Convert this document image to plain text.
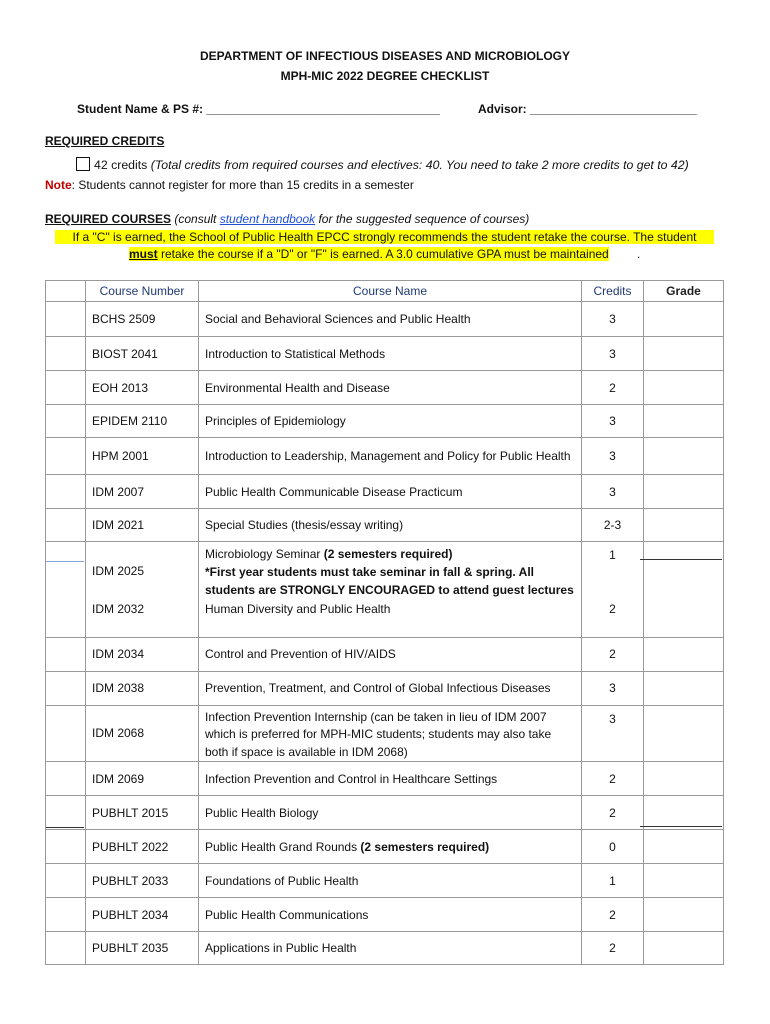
DEPARTMENT OF INFECTIOUS DISEASES AND MICROBIOLOGY
MPH-MIC 2022 DEGREE CHECKLIST
Student Name & PS #: ___________________________________	Advisor: _________________________
REQUIRED CREDITS
42 credits
(Total credits from required courses and electives: 40. You need to take 2 more credits to get to 42)
Note: Students cannot register for more than 15 credits in a semester
REQUIRED COURSES (consult student handbook for the suggested sequence of courses)
If a "C" is earned, the School of Public Health EPCC strongly recommends the student retake the course. The student
must retake the course if a "D" or "F" is earned. A 3.0 cumulative GPA must be maintained .
	Course Number	Course Name	Credits	Grade
	BCHS 2509	Social and Behavioral Sciences and Public Health	3	
	BIOST 2041	Introduction to Statistical Methods	3	
	EOH 2013	Environmental Health and Disease	2	
	EPIDEM 2110	Principles of Epidemiology	3	
	HPM 2001	Introduction to Leadership, Management and Policy for Public Health	3	
	IDM 2007	Public Health Communicable Disease Practicum	3	
	IDM 2021	Special Studies (thesis/essay writing)	2-3	
	IDM 2025	Microbiology Seminar (2 semesters required)
*First year students must take seminar in fall & spring. All students are STRONGLY ENCOURAGED to attend guest lectures	1	
	IDM 2032	Human Diversity and Public Health	2	
	IDM 2034	Control and Prevention of HIV/AIDS	2	
	IDM 2038	Prevention, Treatment, and Control of Global Infectious Diseases	3	
	IDM 2068	Infection Prevention Internship (can be taken in lieu of IDM 2007 which is preferred for MPH-MIC students; students may also take both if space is available in IDM 2068)	3	
	IDM 2069	Infection Prevention and Control in Healthcare Settings	2	
	PUBHLT 2015	Public Health Biology	2	
	PUBHLT 2022	Public Health Grand Rounds (2 semesters required)	0	
	PUBHLT 2033	Foundations of Public Health	1	
	PUBHLT 2034	Public Health Communications	2	
	PUBHLT 2035	Applications in Public Health	2	
